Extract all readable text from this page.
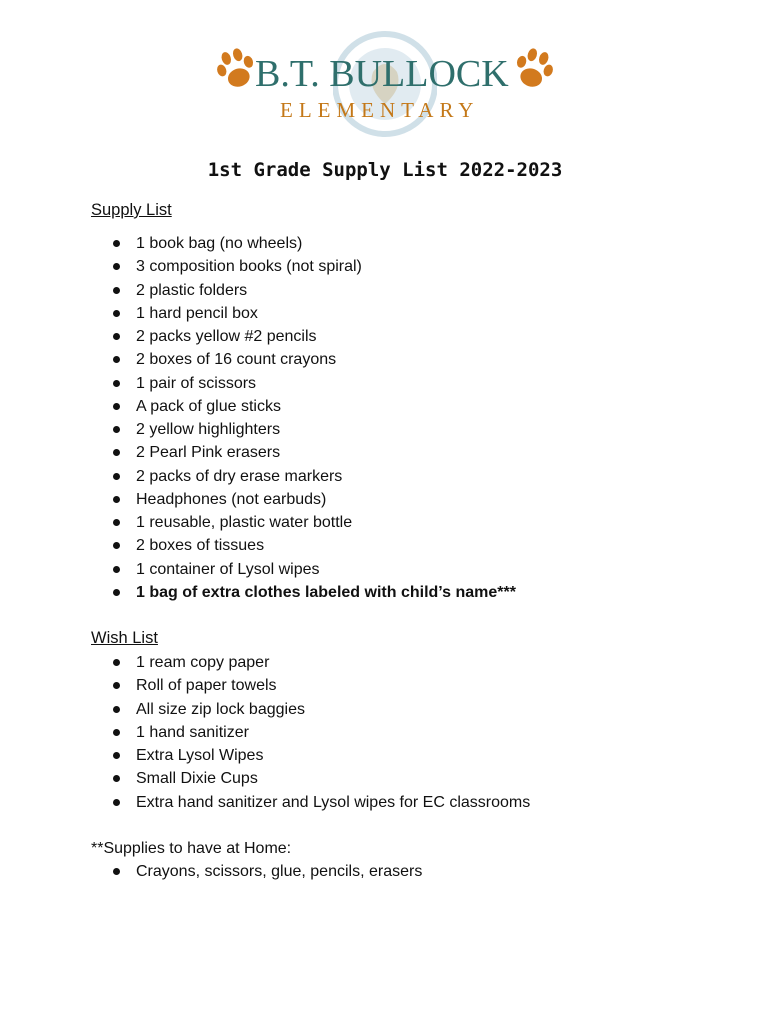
B.T. BULLOCK
ELEMENTARY
1st Grade Supply List 2022-2023
Supply List
1 book bag (no wheels)
3 composition books (not spiral)
2 plastic folders
1 hard pencil box
2 packs yellow #2 pencils
2 boxes of 16 count crayons
1 pair of scissors
A pack of glue sticks
2 yellow highlighters
2 Pearl Pink erasers
2 packs of dry erase markers
Headphones (not earbuds)
1 reusable, plastic water bottle
2 boxes of tissues
1 container of Lysol wipes
1 bag of extra clothes labeled with child’s name***
Wish List
1 ream copy paper
Roll of paper towels
All size zip lock baggies
1 hand sanitizer
Extra Lysol Wipes
Small Dixie Cups
Extra hand sanitizer and Lysol wipes for EC classrooms
**Supplies to have at Home:
Crayons, scissors, glue, pencils, erasers
